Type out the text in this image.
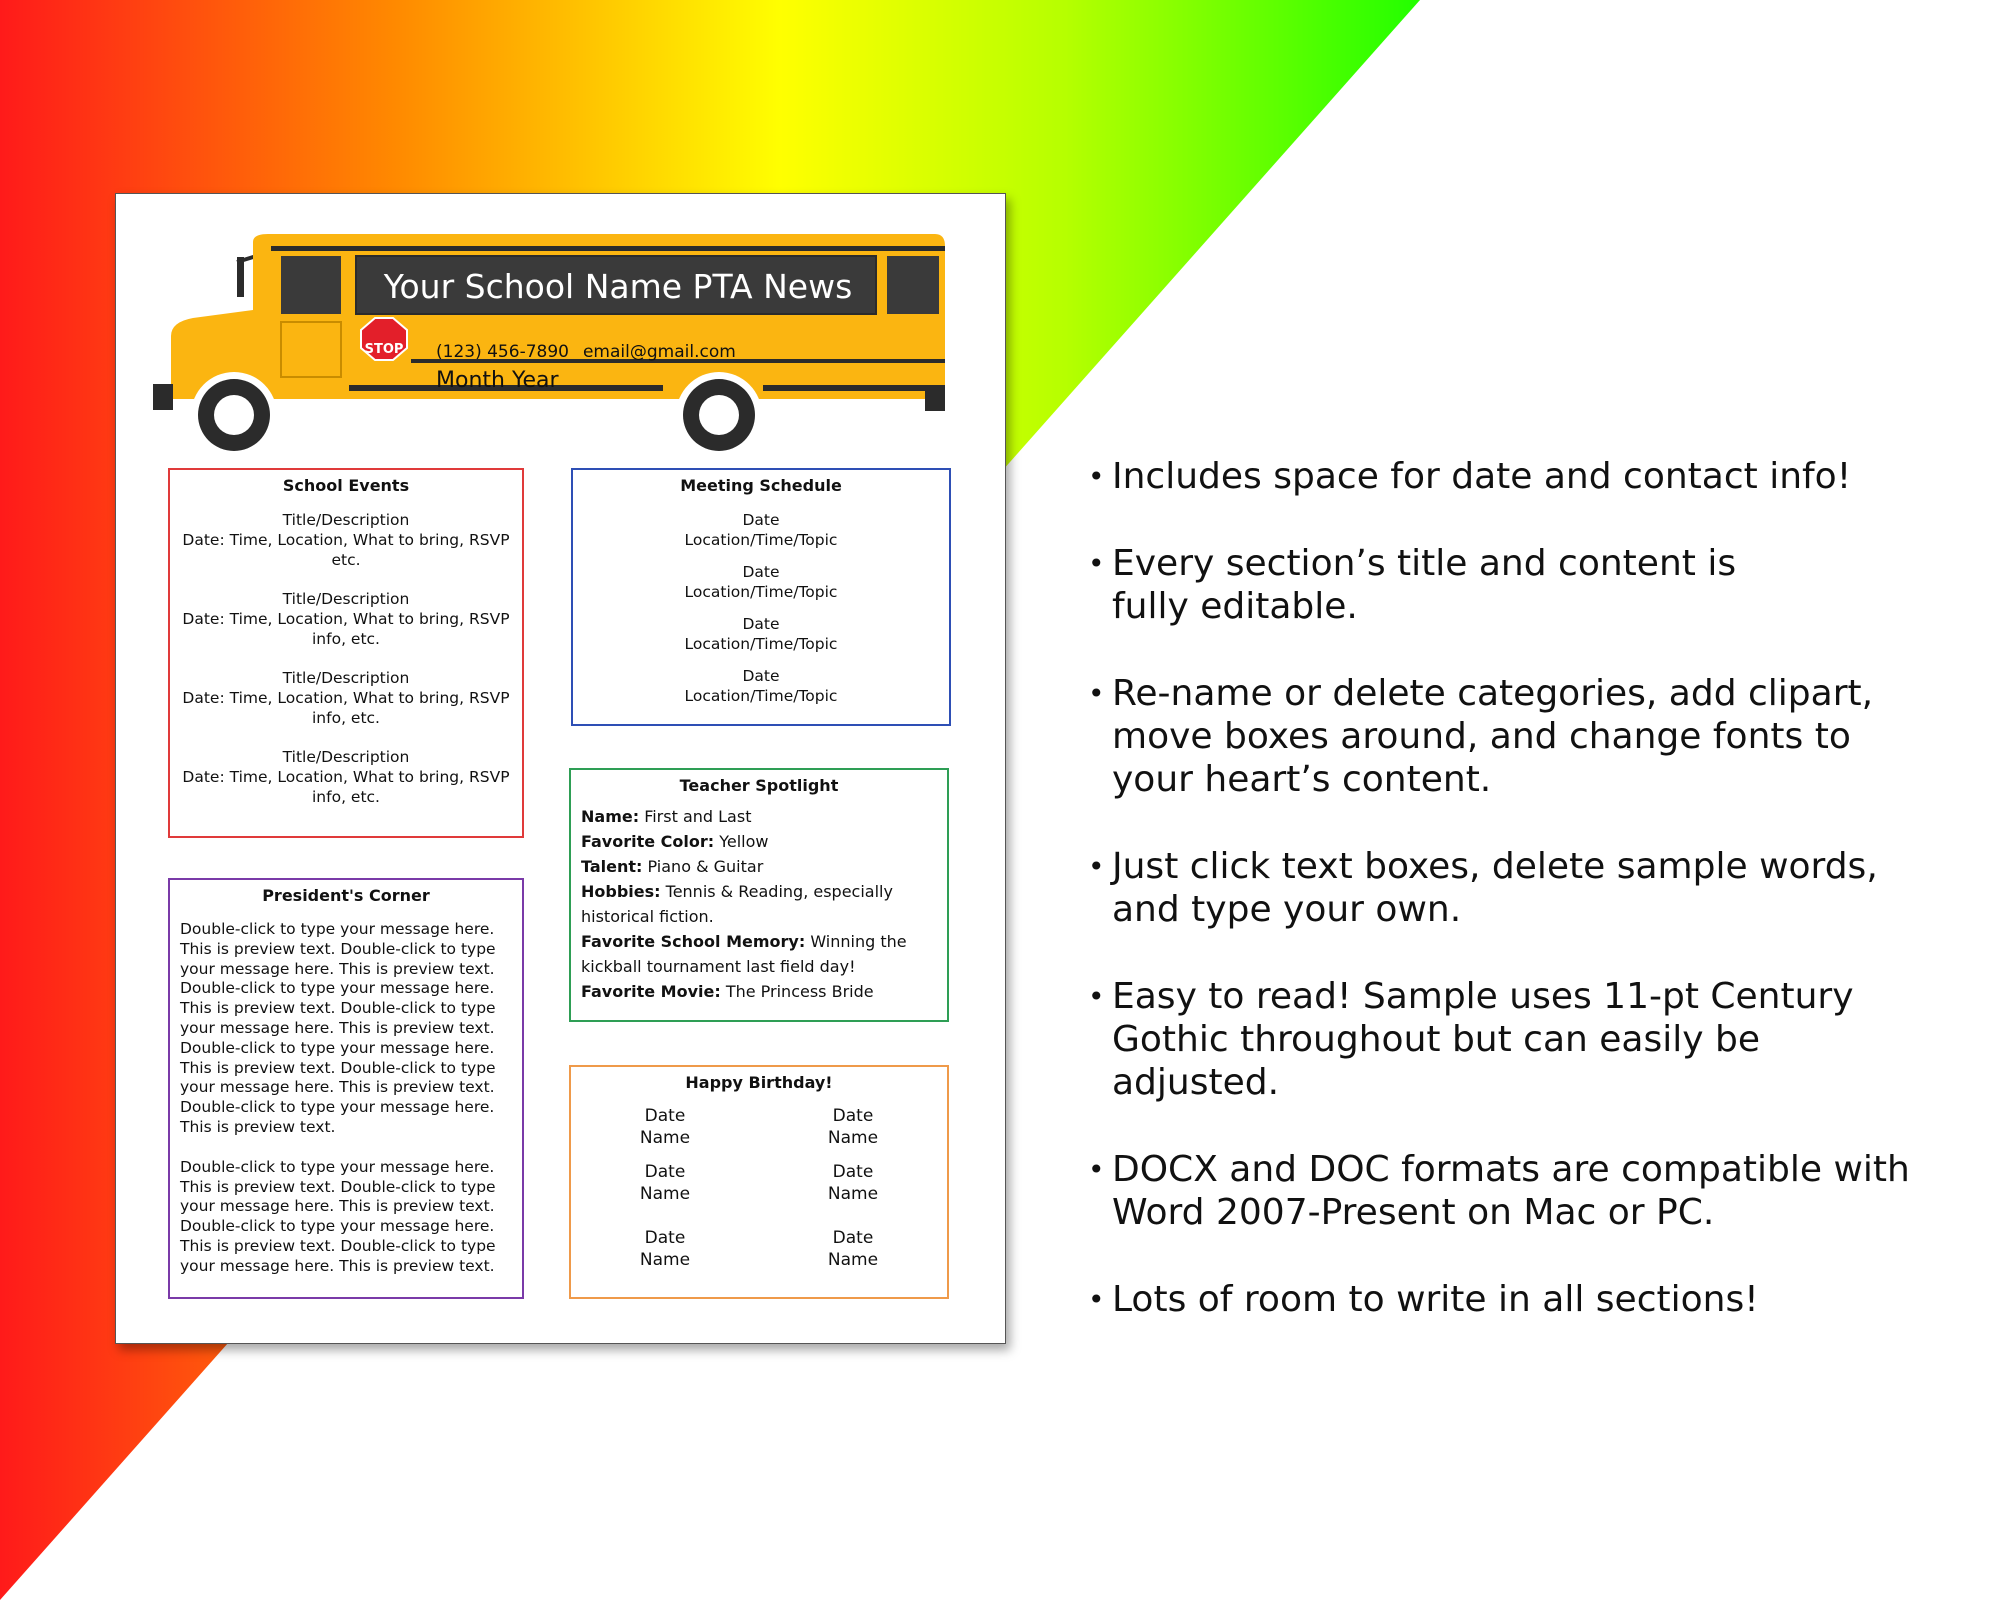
Your School Name PTA News
STOP (123) 456-7890 email@gmail.com
Month Year
School Events
Title/Description
Date: Time, Location, What to bring, RSVP
etc.
Title/Description
Date: Time, Location, What to bring, RSVP
info, etc.
Title/Description
Date: Time, Location, What to bring, RSVP
info, etc.
Title/Description
Date: Time, Location, What to bring, RSVP
info, etc.
Meeting Schedule
Date
Location/Time/Topic
Date
Location/Time/Topic
Date
Location/Time/Topic
Date
Location/Time/Topic
Teacher Spotlight

Name: First and Last

Favorite Color: Yellow

Talent: Piano & Guitar

Hobbies: Tennis & Reading, especially historical fiction.

Favorite School Memory: Winning the kickball tournament last field day!

Favorite Movie: The Princess Bride

President's Corner

Double-click to type your message here. This is preview text. Double-click to type your message here. This is preview text. Double-click to type your message here. This is preview text. Double-click to type your message here. This is preview text. Double-click to type your message here. This is preview text. Double-click to type your message here. This is preview text. Double-click to type your message here. This is preview text.

Double-click to type your message here. This is preview text. Double-click to type your message here. This is preview text. Double-click to type your message here. This is preview text. Double-click to type your message here. This is preview text.

Happy Birthday!
Date
Name
Date
Name
Date
Name
Date
Name
Date
Name
Date
Name
• Includes space for date and contact info!
• Every section’s title and content is fully editable.
• Re-name or delete categories, add clipart, move boxes around, and change fonts to your heart’s content.
• Just click text boxes, delete sample words, and type your own.
• Easy to read! Sample uses 11-pt Century Gothic throughout but can easily be adjusted.
• DOCX and DOC formats are compatible with Word 2007-Present on Mac or PC.
• Lots of room to write in all sections!
